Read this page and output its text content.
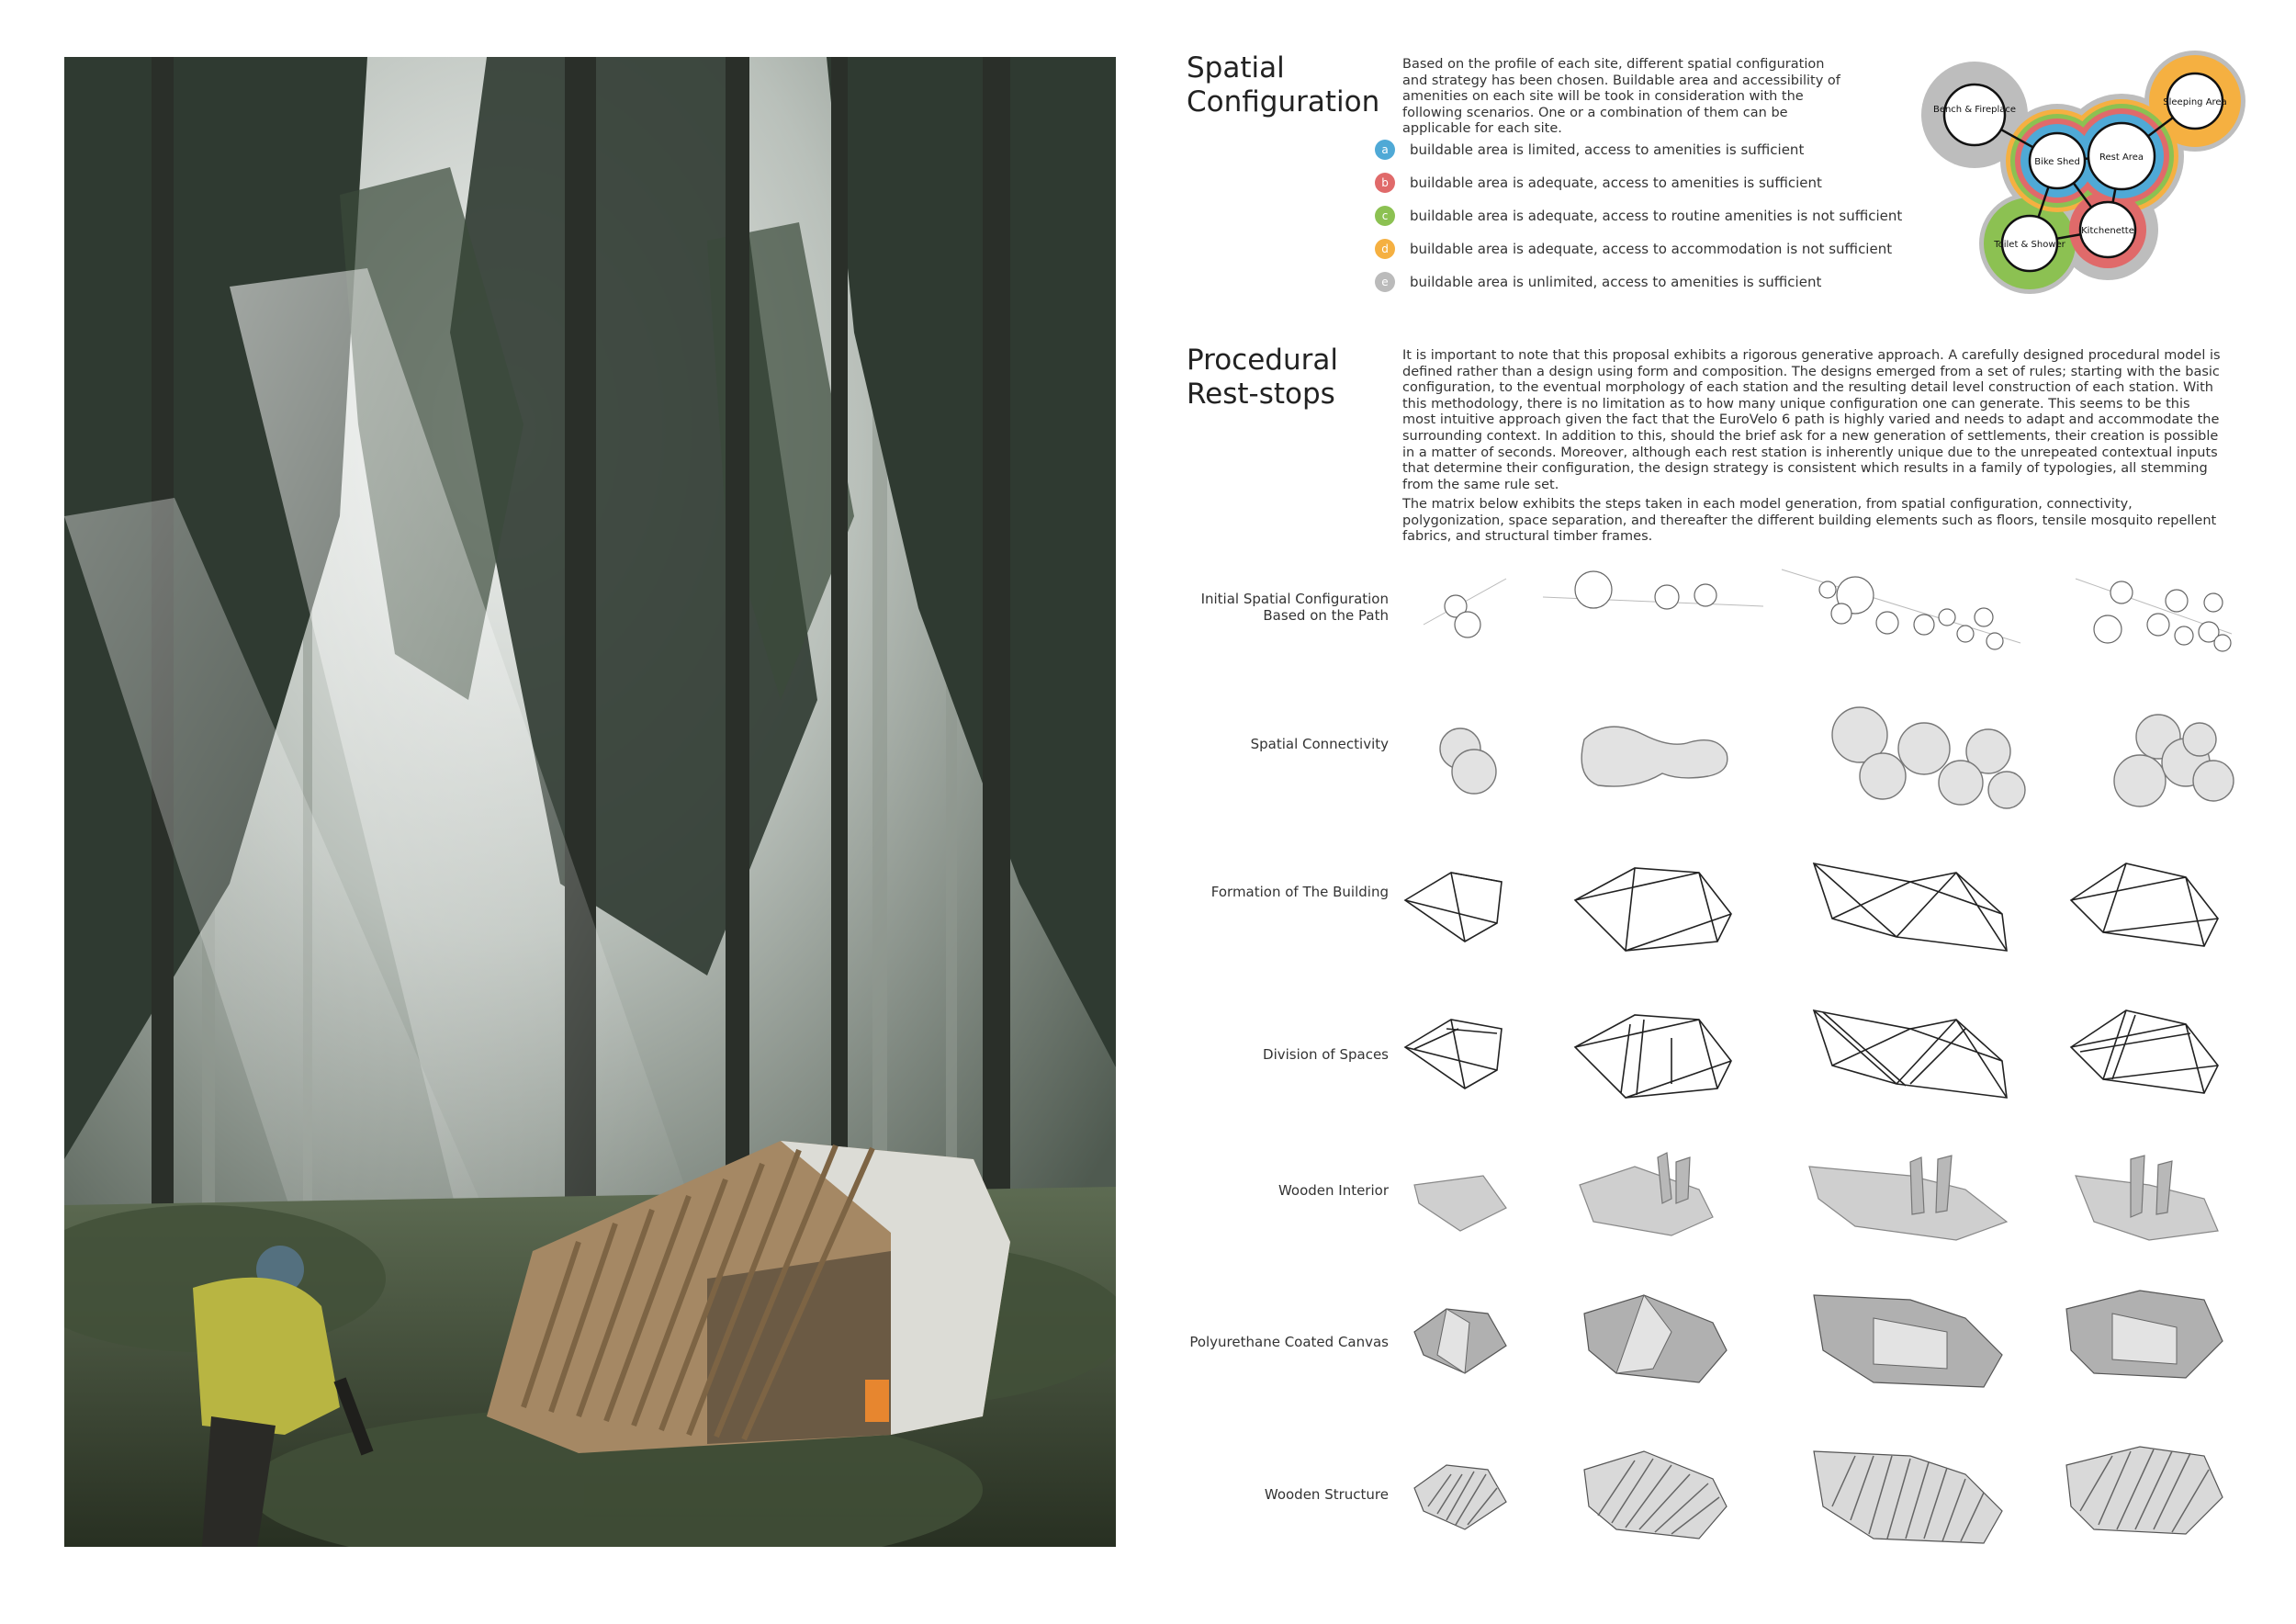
Spatial
Configuration

Based on the profile of each site, different spatial configuration and strategy has been chosen. Buildable area and accessibility of amenities on each site will be took in consideration with the following scenarios. One or a combination of them can be applicable for each site.

a	buildable area is limited, access to amenities is sufficient
b	buildable area is adequate, access to amenities is sufficient
c	buildable area is adequate, access to routine amenities is not sufficient
d	buildable area is adequate, access to accommodation is not sufficient
e	buildable area is unlimited, access to amenities is sufficient
Bench & Fireplace
Sleeping Area
Bike Shed Rest Area
Toilet & Shower
Kitchenette
Procedural
Rest-stops

It is important to note that this proposal exhibits a rigorous generative approach. A carefully designed procedural model is defined rather than a design using form and composition. The designs emerged from a set of rules; starting with the basic configuration, to the eventual morphology of each station and the resulting detail level construction of each station. With this methodology, there is no limitation as to how many unique configuration one can generate. This seems to be this most intuitive approach given the fact that the EuroVelo 6 path is highly varied and needs to adapt and accommodate the surrounding context. In addition to this, should the brief ask for a new generation of settlements, their creation is possible in a matter of seconds. Moreover, although each rest station is inherently unique due to the unrepeated contextual inputs that determine their configuration, the design strategy is consistent which results in a family of typologies, all stemming from the same rule set.

The matrix below exhibits the steps taken in each model generation, from spatial configuration, connectivity, polygonization, space separation, and thereafter the different building elements such as floors, tensile mosquito repellent fabrics, and structural timber frames.

Initial Spatial Configuration
Based on the Path
Spatial Connectivity
Formation of The Building
Division of Spaces
Wooden Interior
Polyurethane Coated Canvas
Wooden Structure
